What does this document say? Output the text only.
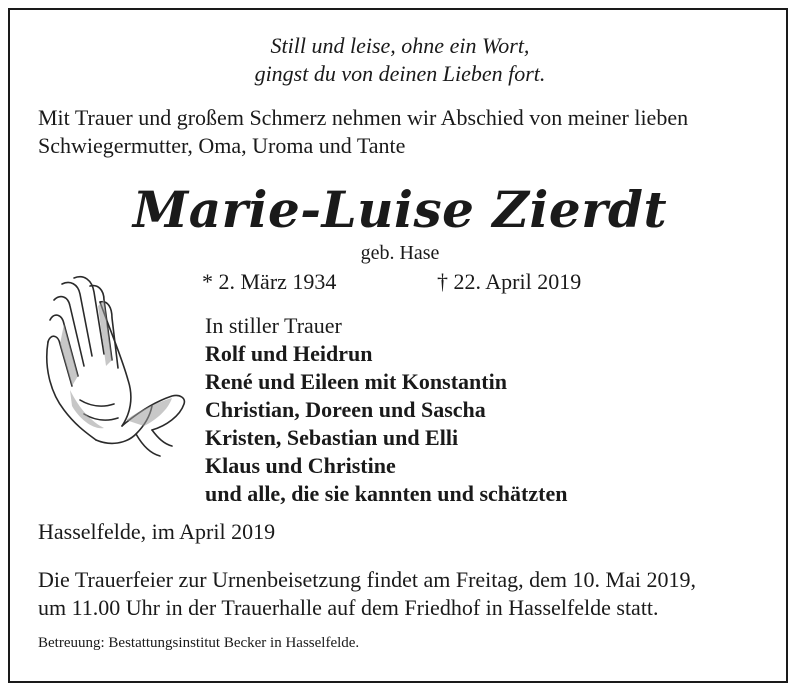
Still und leise, ohne ein Wort,
gingst du von deinen Lieben fort.
Mit Trauer und großem Schmerz nehmen wir Abschied von meiner lieben
Schwiegermutter, Oma, Uroma und Tante
Marie-Luise Zierdt
geb. Hase
* 2. März 1934	† 22. April 2019
In stiller Trauer
Rolf und Heidrun
René und Eileen mit Konstantin
Christian, Doreen und Sascha
Kristen, Sebastian und Elli
Klaus und Christine
und alle, die sie kannten und schätzten
Hasselfelde, im April 2019
Die Trauerfeier zur Urnenbeisetzung findet am Freitag, dem 10. Mai 2019,
um 11.00 Uhr in der Trauerhalle auf dem Friedhof in Hasselfelde statt.
Betreuung: Bestattungsinstitut Becker in Hasselfelde.
